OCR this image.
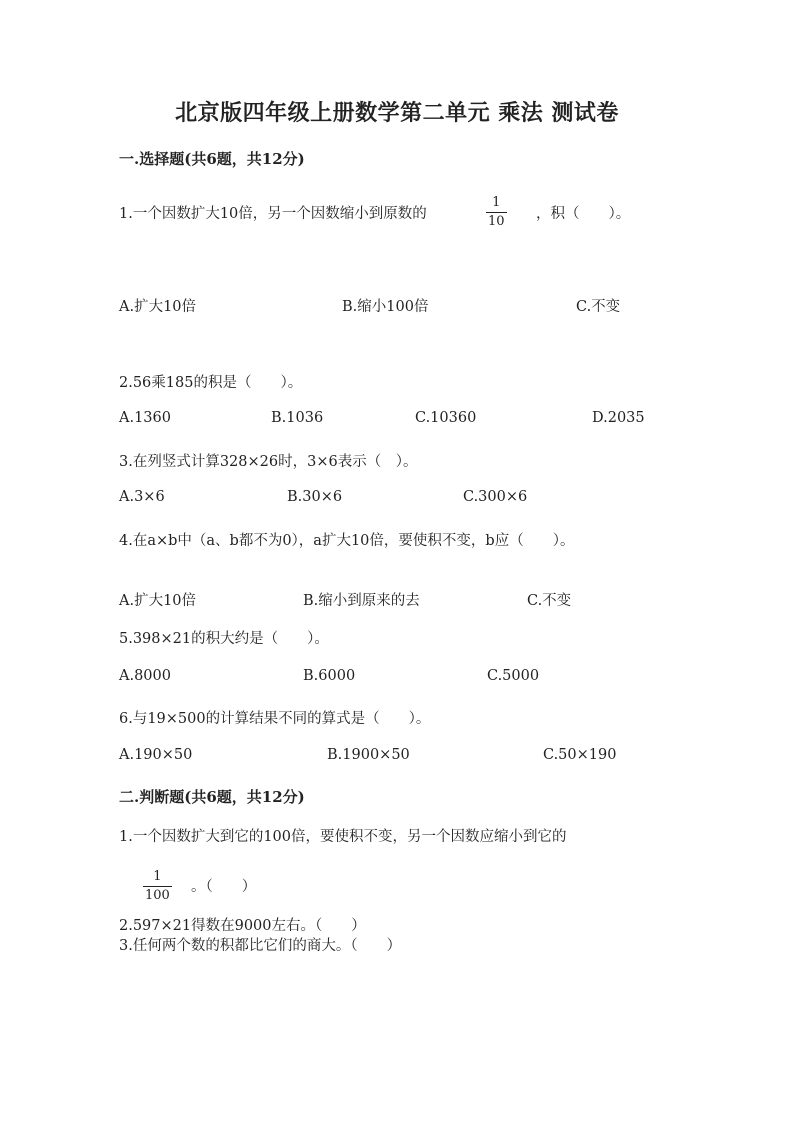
北京版四年级上册数学第二单元 乘法 测试卷
一.选择题(共6题，共12分)
1.一个因数扩大10倍，另一个因数缩小到原数的
1
10 ，积（　　）。
A.扩大10倍	B.缩小100倍	C.不变
2.56乘185的积是（　　）。
A.1360	B.1036	C.10360	D.2035
3.在列竖式计算328×26时，3×6表示（　）。
A.3×6	B.30×6	C.300×6
4.在a×b中（a、b都不为0），a扩大10倍，要使积不变，b应（　　）。
A.扩大10倍	B.缩小到原来的去	C.不变
5.398×21的积大约是（　　）。
A.8000	B.6000	C.5000
6.与19×500的计算结果不同的算式是（　　）。
A.190×50	B.1900×50	C.50×190
二.判断题(共6题，共12分)
1.一个因数扩大到它的100倍，要使积不变，另一个因数应缩小到它的
1
100
。（　　）
2.597×21得数在9000左右。（　　）
3.任何两个数的积都比它们的商大。（　　）
